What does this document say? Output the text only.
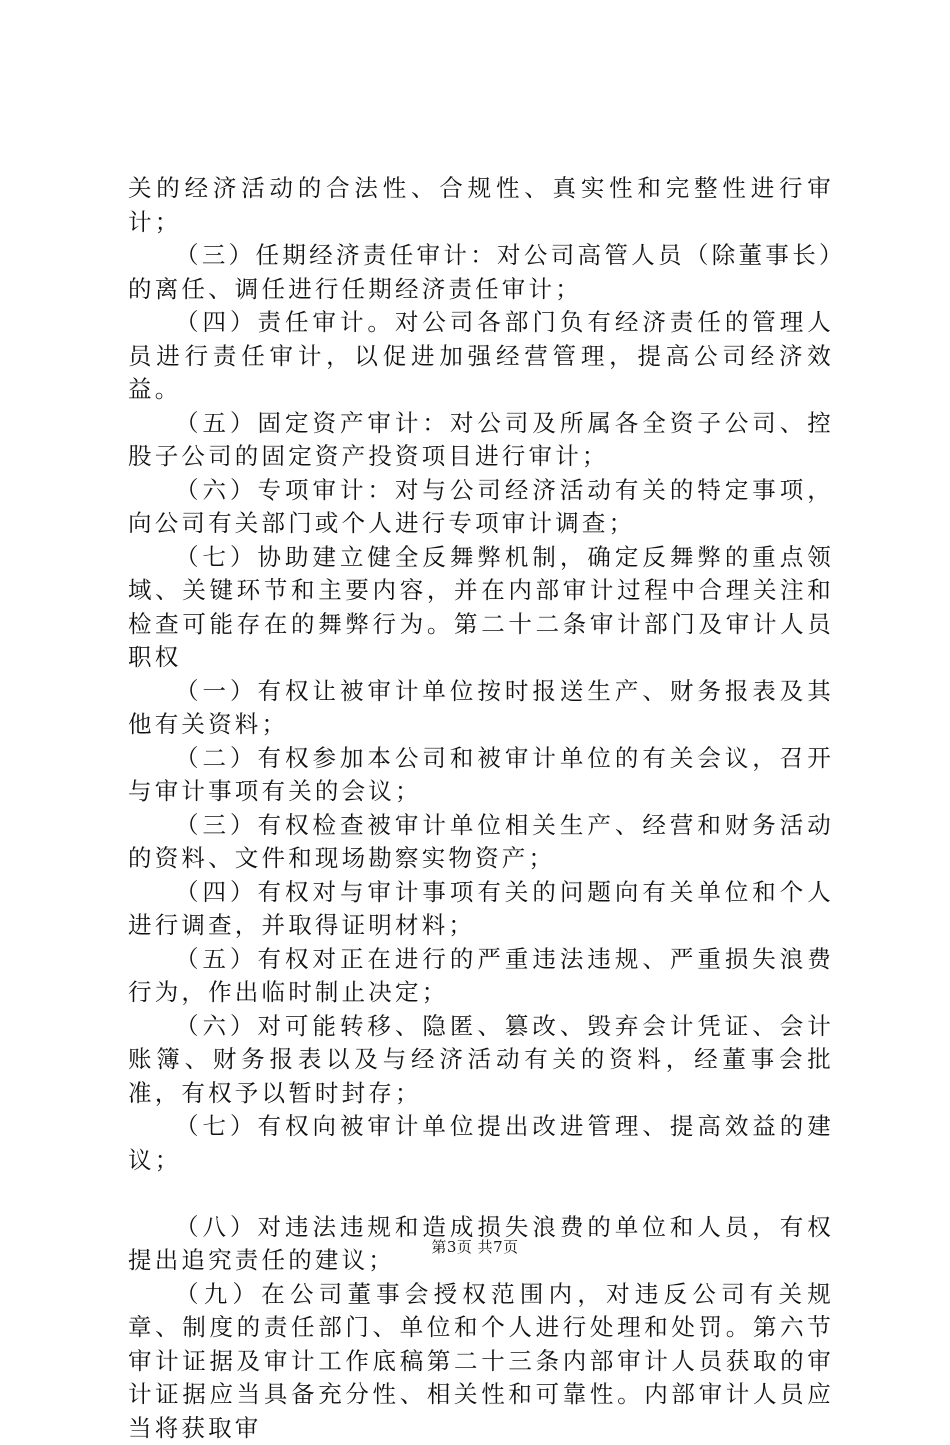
关的经济活动的合法性、合规性、真实性和完整性进行审计；

（三）任期经济责任审计：对公司高管人员（除董事长）的离任、调任进行任期经济责任审计；

（四）责任审计。对公司各部门负有经济责任的管理人员进行责任审计，以促进加强经营管理，提高公司经济效益。

（五）固定资产审计：对公司及所属各全资子公司、控股子公司的固定资产投资项目进行审计；

（六）专项审计：对与公司经济活动有关的特定事项，向公司有关部门或个人进行专项审计调查；

（七）协助建立健全反舞弊机制，确定反舞弊的重点领域、关键环节和主要内容，并在内部审计过程中合理关注和检查可能存在的舞弊行为。第二十二条审计部门及审计人员职权

（一）有权让被审计单位按时报送生产、财务报表及其他有关资料；

（二）有权参加本公司和被审计单位的有关会议，召开与审计事项有关的会议；

（三）有权检查被审计单位相关生产、经营和财务活动的资料、文件和现场勘察实物资产；

（四）有权对与审计事项有关的问题向有关单位和个人进行调查，并取得证明材料；

（五）有权对正在进行的严重违法违规、严重损失浪费行为，作出临时制止决定；

（六）对可能转移、隐匿、篡改、毁弃会计凭证、会计账簿、财务报表以及与经济活动有关的资料，经董事会批准，有权予以暂时封存；

（七）有权向被审计单位提出改进管理、提高效益的建议；

（八）对违法违规和造成损失浪费的单位和人员，有权提出追究责任的建议；

（九）在公司董事会授权范围内，对违反公司有关规章、制度的责任部门、单位和个人进行处理和处罚。第六节审计证据及审计工作底稿第二十三条内部审计人员获取的审计证据应当具备充分性、相关性和可靠性。内部审计人员应当将获取审

第3页 共7页
